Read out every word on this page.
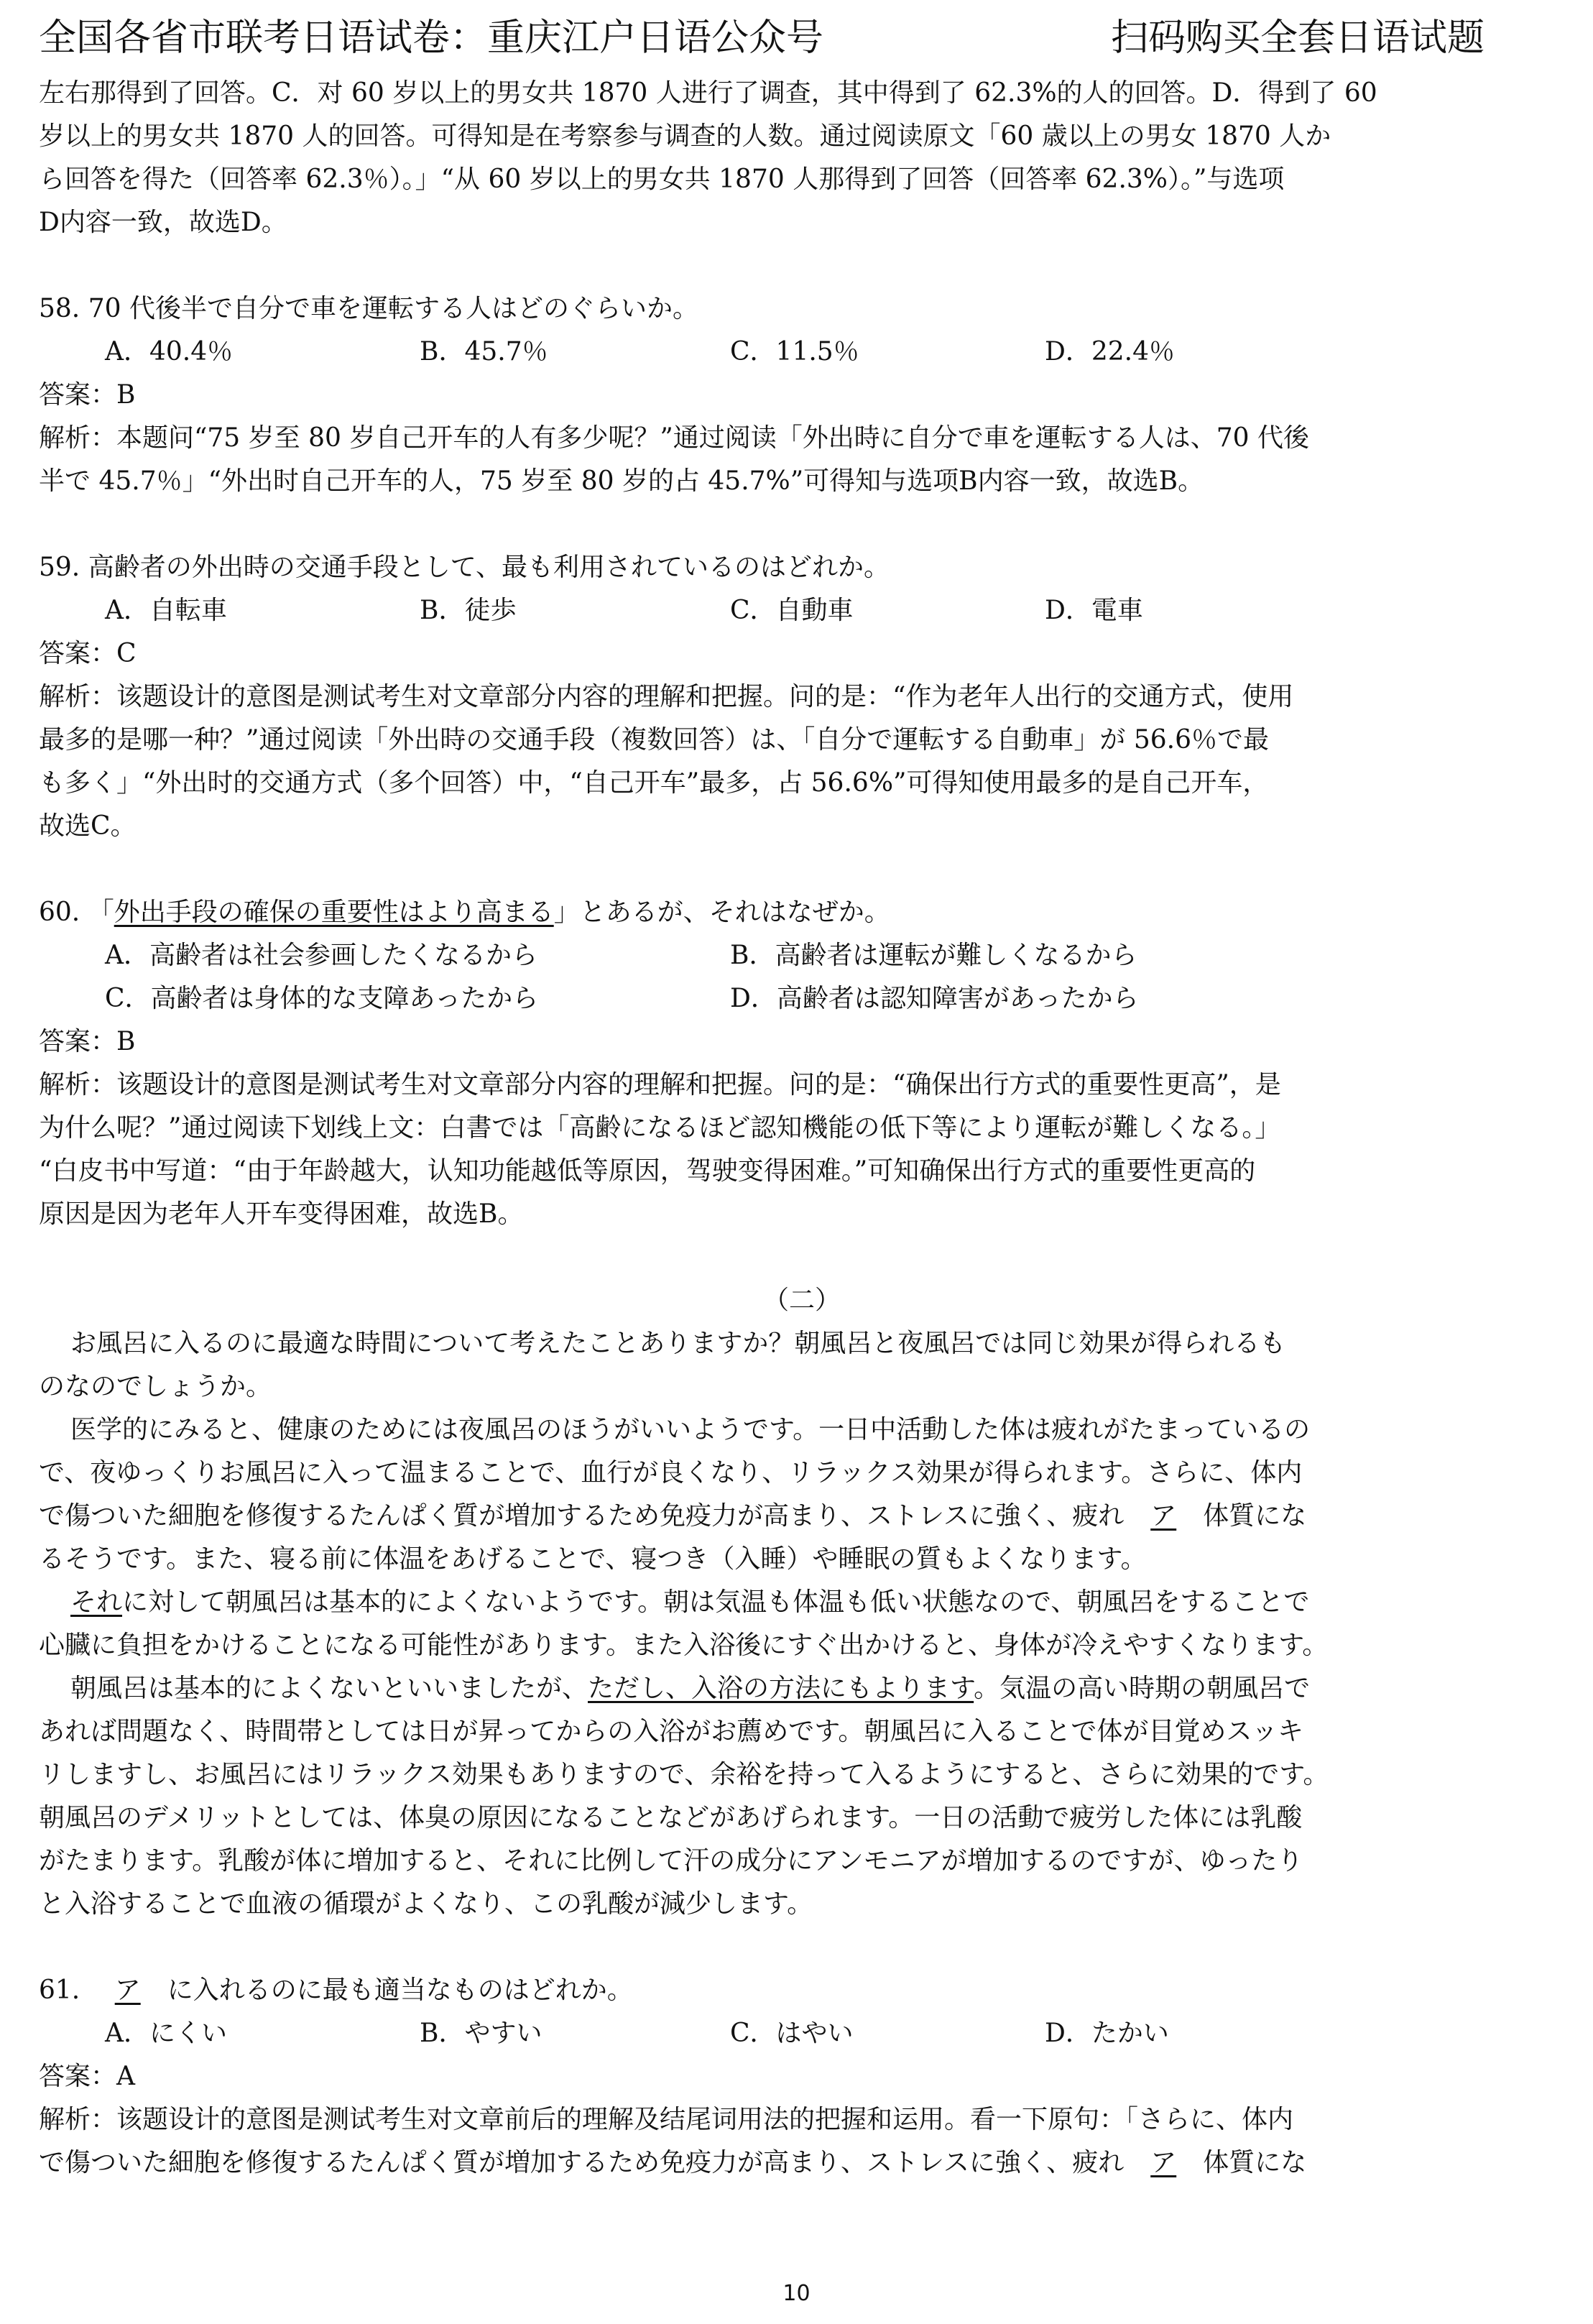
全国各省市联考日语试卷：重庆江户日语公众号	扫码购买全套日语试题
左右那得到了回答。C．对 60 岁以上的男女共 1870 人进行了调查，其中得到了 62.3%的人的回答。D．得到了 60
岁以上的男女共 1870 人的回答。可得知是在考察参与调查的人数。通过阅读原文「60 歳以上の男女 1870 人か
ら回答を得た（回答率 62.3％）。」“从 60 岁以上的男女共 1870 人那得到了回答（回答率 62.3%）。”与选项
D内容一致，故选D。
58. 70 代後半で自分で車を運転する人はどのぐらいか。
A．40.4％	B．45.7％	C．11.5％	D．22.4％
答案：B
解析：本题问“75 岁至 80 岁自己开车的人有多少呢？”通过阅读「外出時に自分で車を運転する人は、70 代後
半で 45.7％」“外出时自己开车的人，75 岁至 80 岁的占 45.7%”可得知与选项B内容一致，故选B。
59. 高齢者の外出時の交通手段として、最も利用されているのはどれか。
A．自転車	B．徒歩	C．自動車	D．電車
答案：C
解析：该题设计的意图是测试考生对文章部分内容的理解和把握。问的是：“作为老年人出行的交通方式，使用
最多的是哪一种？”通过阅读「外出時の交通手段（複数回答）は、「自分で運転する自動車」が 56.6％で最
も多く」“外出时的交通方式（多个回答）中，“自己开车”最多，占 56.6%”可得知使用最多的是自己开车，
故选C。
60. 「外出手段の確保の重要性はより高まる」とあるが、それはなぜか。
A．高齢者は社会参画したくなるから	B．高齢者は運転が難しくなるから
C．高齢者は身体的な支障あったから	D．高齢者は認知障害があったから
答案：B
解析：该题设计的意图是测试考生对文章部分内容的理解和把握。问的是：“确保出行方式的重要性更高”，是
为什么呢？”通过阅读下划线上文：白書では「高齢になるほど認知機能の低下等により運転が難しくなる。」
“白皮书中写道：“由于年龄越大，认知功能越低等原因，驾驶变得困难。”可知确保出行方式的重要性更高的
原因是因为老年人开车变得困难，故选B。
（二）
お風呂に入るのに最適な時間について考えたことありますか？朝風呂と夜風呂では同じ効果が得られるも
のなのでしょうか。
医学的にみると、健康のためには夜風呂のほうがいいようです。一日中活動した体は疲れがたまっているの
で、夜ゆっくりお風呂に入って温まることで、血行が良くなり、リラックス効果が得られます。さらに、体内
で傷ついた細胞を修復するたんぱく質が増加するため免疫力が高まり、ストレスに強く、疲れ ア 体質にな
るそうです。また、寝る前に体温をあげることで、寝つき（入睡）や睡眠の質もよくなります。
それに対して朝風呂は基本的によくないようです。朝は気温も体温も低い状態なので、朝風呂をすることで
心臓に負担をかけることになる可能性があります。また入浴後にすぐ出かけると、身体が冷えやすくなります。
朝風呂は基本的によくないといいましたが、ただし、入浴の方法にもよります。気温の高い時期の朝風呂で
あれば問題なく、時間帯としては日が昇ってからの入浴がお薦めです。朝風呂に入ることで体が目覚めスッキ
リしますし、お風呂にはリラックス効果もありますので、余裕を持って入るようにすると、さらに効果的です。
朝風呂のデメリットとしては、体臭の原因になることなどがあげられます。一日の活動で疲労した体には乳酸
がたまります。乳酸が体に増加すると、それに比例して汗の成分にアンモニアが増加するのですが、ゆったり
と入浴することで血液の循環がよくなり、この乳酸が減少します。
61. ア に入れるのに最も適当なものはどれか。
A．にくい	B．やすい	C．はやい	D．たかい
答案：A
解析：该题设计的意图是测试考生对文章前后的理解及结尾词用法的把握和运用。看一下原句：「さらに、体内
で傷ついた細胞を修復するたんぱく質が増加するため免疫力が高まり、ストレスに強く、疲れ ア 体質にな
10
